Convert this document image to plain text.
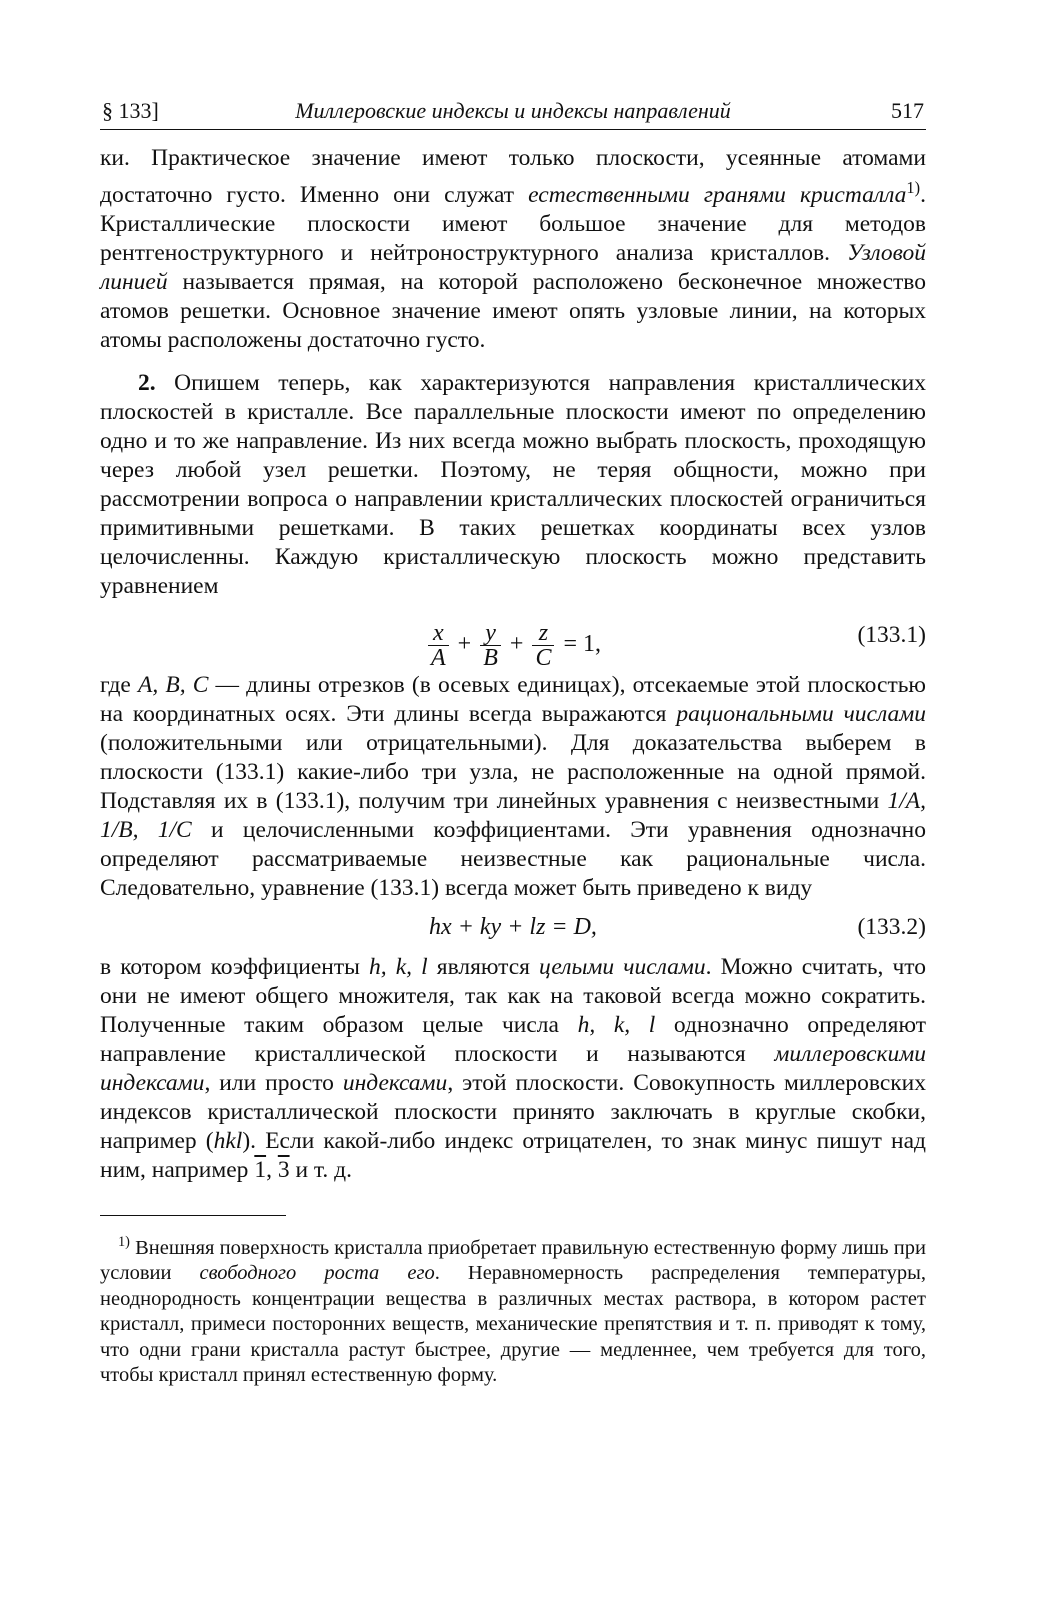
§ 133]	Миллеровские индексы и индексы направлений	517

ки. Практическое значение имеют только плоскости, усеянные атомами достаточно густо. Именно они служат естественными гранями кристалла$^{1)}$. Кристаллические плоскости имеют большое значение для методов рентгеноструктурного и нейтроноструктурного анализа кристаллов. Узловой линией называется прямая, на которой расположено бесконечное множество атомов решетки. Основное значение имеют опять узловые линии, на которых атомы расположены достаточно густо.

2. Опишем теперь, как характеризуются направления кристаллических плоскостей в кристалле. Все параллельные плоскости имеют по определению одно и то же направление. Из них всегда можно выбрать плоскость, проходящую через любой узел решетки. Поэтому, не теряя общности, можно при рассмотрении вопроса о направлении кристаллических плоскостей ограничиться примитивными решетками. В таких решетках координаты всех узлов целочисленны. Каждую кристаллическую плоскость можно представить уравнением

$\frac{x}{A} + \frac{y}{B} + \frac{z}{C} = 1$,	(133.1)

где A, B, C — длины отрезков (в осевых единицах), отсекаемые этой плоскостью на координатных осях. Эти длины всегда выражаются рациональными числами (положительными или отрицательными). Для доказательства выберем в плоскости (133.1) какие-либо три узла, не расположенные на одной прямой. Подставляя их в (133.1), получим три линейных уравнения с неизвестными 1/A, 1/B, 1/C и целочисленными коэффициентами. Эти уравнения однозначно определяют рассматриваемые неизвестные как рациональные числа. Следовательно, уравнение (133.1) всегда может быть приведено к виду

hx + ky + lz = D,	(133.2)

в котором коэффициенты h, k, l являются целыми числами. Можно считать, что они не имеют общего множителя, так как на таковой всегда можно сократить. Полученные таким образом целые числа h, k, l однозначно определяют направление кристаллической плоскости и называются миллеровскими индексами, или просто индексами, этой плоскости. Совокупность миллеровских индексов кристаллической плоскости принято заключать в круглые скобки, например (hkl). Если какой-либо индекс отрицателен, то знак минус пишут над ним, например 1, 3 и т. д.

$^{1)}$ Внешняя поверхность кристалла приобретает правильную естественную форму лишь при условии свободного роста его. Неравномерность распределения температуры, неоднородность концентрации вещества в различных местах раствора, в котором растет кристалл, примеси посторонних веществ, механические препятствия и т. п. приводят к тому, что одни грани кристалла растут быстрее, другие — медленнее, чем требуется для того, чтобы кристалл принял естественную форму.
